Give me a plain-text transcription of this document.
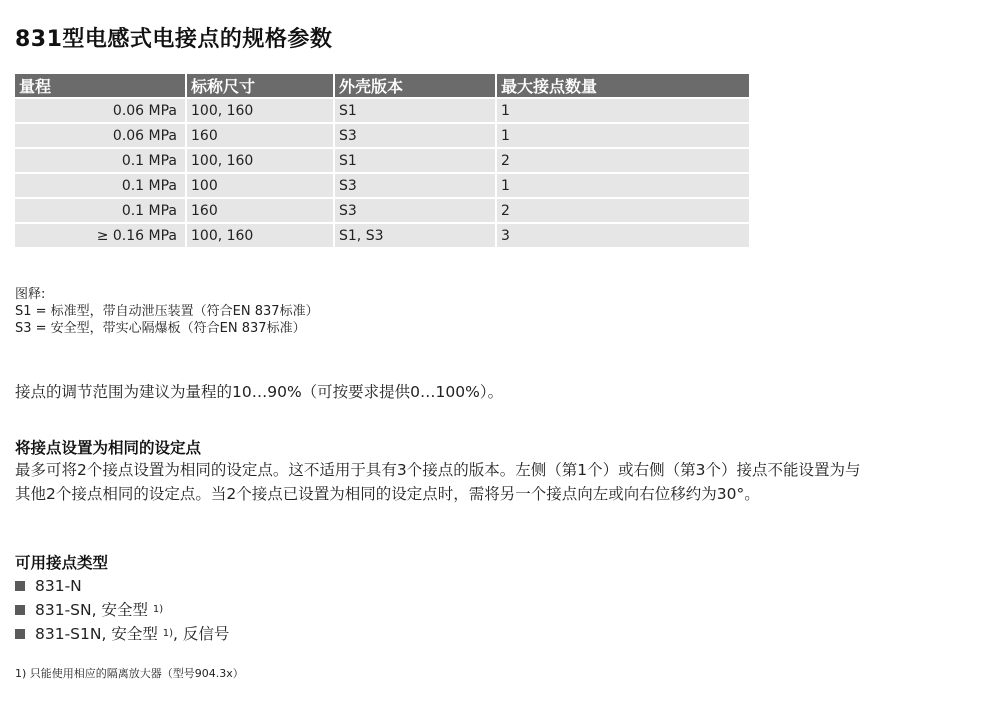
831型电感式电接点的规格参数
量程	标称尺寸	外壳版本	最大接点数量
0.06 MPa	100, 160	S1	1
0.06 MPa	160	S3	1
0.1 MPa	100, 160	S1	2
0.1 MPa	100	S3	1
0.1 MPa	160	S3	2
≥ 0.16 MPa	100, 160	S1, S3	3
图释:
S1 = 标准型，带自动泄压装置（符合EN 837标准）
S3 = 安全型，带实心隔爆板（符合EN 837标准）
接点的调节范围为建议为量程的10…90%（可按要求提供0…100%）。
将接点设置为相同的设定点
最多可将2个接点设置为相同的设定点。这不适用于具有3个接点的版本。左侧（第1个）或右侧（第3个）接点不能设置为与
其他2个接点相同的设定点。当2个接点已设置为相同的设定点时，需将另一个接点向左或向右位移约为30°。
可用接点类型
831-N
831-SN , 安全型
1)
831-S1N , 安全型
1) , 反信号
1) 只能使用相应的隔离放大器（型号904.3x）
